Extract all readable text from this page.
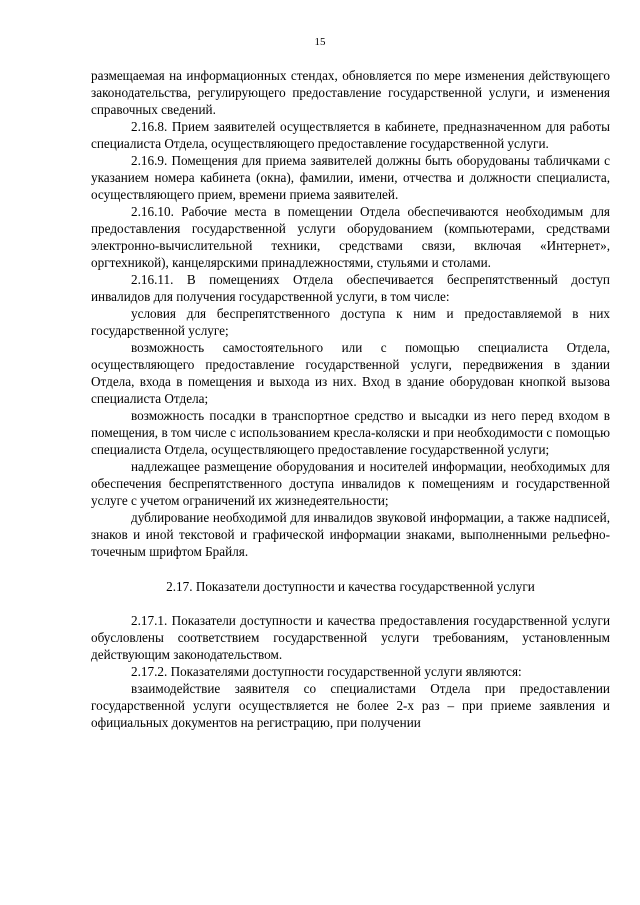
15

размещаемая на информационных стендах, обновляется по мере изменения действующего законодательства, регулирующего предоставление государственной услуги, и изменения справочных сведений.

2.16.8. Прием заявителей осуществляется в кабинете, предназначенном для работы специалиста Отдела, осуществляющего предоставление государственной услуги.

2.16.9. Помещения для приема заявителей должны быть оборудованы табличками с указанием номера кабинета (окна), фамилии, имени, отчества и должности специалиста, осуществляющего прием, времени приема заявителей.

2.16.10. Рабочие места в помещении Отдела обеспечиваются необходимым для предоставления государственной услуги оборудованием (компьютерами, средствами электронно-вычислительной техники, средствами связи, включая «Интернет», оргтехникой), канцелярскими принадлежностями, стульями и столами.

2.16.11. В помещениях Отдела обеспечивается беспрепятственный доступ инвалидов для получения государственной услуги, в том числе:

условия для беспрепятственного доступа к ним и предоставляемой в них государственной услуге;

возможность самостоятельного или с помощью специалиста Отдела, осуществляющего предоставление государственной услуги, передвижения в здании Отдела, входа в помещения и выхода из них. Вход в здание оборудован кнопкой вызова специалиста Отдела;

возможность посадки в транспортное средство и высадки из него перед входом в помещения, в том числе с использованием кресла-коляски и при необходимости с помощью специалиста Отдела, осуществляющего предоставление государственной услуги;

надлежащее размещение оборудования и носителей информации, необходимых для обеспечения беспрепятственного доступа инвалидов к помещениям и государственной услуге с учетом ограничений их жизнедеятельности;

дублирование необходимой для инвалидов звуковой информации, а также надписей, знаков и иной текстовой и графической информации знаками, выполненными рельефно-точечным шрифтом Брайля.

2.17. Показатели доступности и качества государственной услуги

2.17.1. Показатели доступности и качества предоставления государственной услуги обусловлены соответствием государственной услуги требованиям, установленным действующим законодательством.

2.17.2. Показателями доступности государственной услуги являются:

взаимодействие заявителя со специалистами Отдела при предоставлении государственной услуги осуществляется не более 2-х раз – при приеме заявления и официальных документов на регистрацию, при получении
